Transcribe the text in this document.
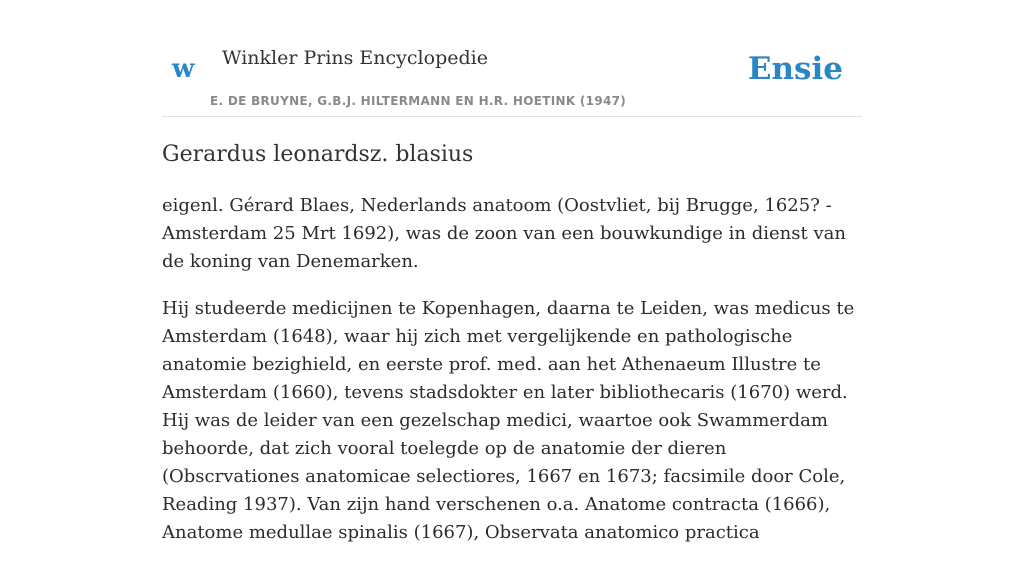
w Winkler Prins Encyclopedie
E. DE BRUYNE, G.B.J. HILTERMANN EN H.R. HOETINK (1947)
Ensie
Gerardus leonardsz. blasius

eigenl. Gérard Blaes, Nederlands anatoom (Oostvliet, bij Brugge, 1625? - Amsterdam 25 Mrt 1692), was de zoon van een bouwkundige in dienst van de koning van Denemarken.

Hij studeerde medicijnen te Kopenhagen, daarna te Leiden, was medicus te Amsterdam (1648), waar hij zich met vergelijkende en pathologische anatomie bezighield, en eerste prof. med. aan het Athenaeum Illustre te Amsterdam (1660), tevens stadsdokter en later bibliothecaris (1670) werd. Hij was de leider van een gezelschap medici, waartoe ook Swammerdam behoorde, dat zich vooral toelegde op de anatomie der dieren (Obscrvationes anatomicae selectiores, 1667 en 1673; facsimile door Cole, Reading 1937). Van zijn hand verschenen o.a. Anatome contracta (1666), Anatome medullae spinalis (1667), Observata anatomico practica
